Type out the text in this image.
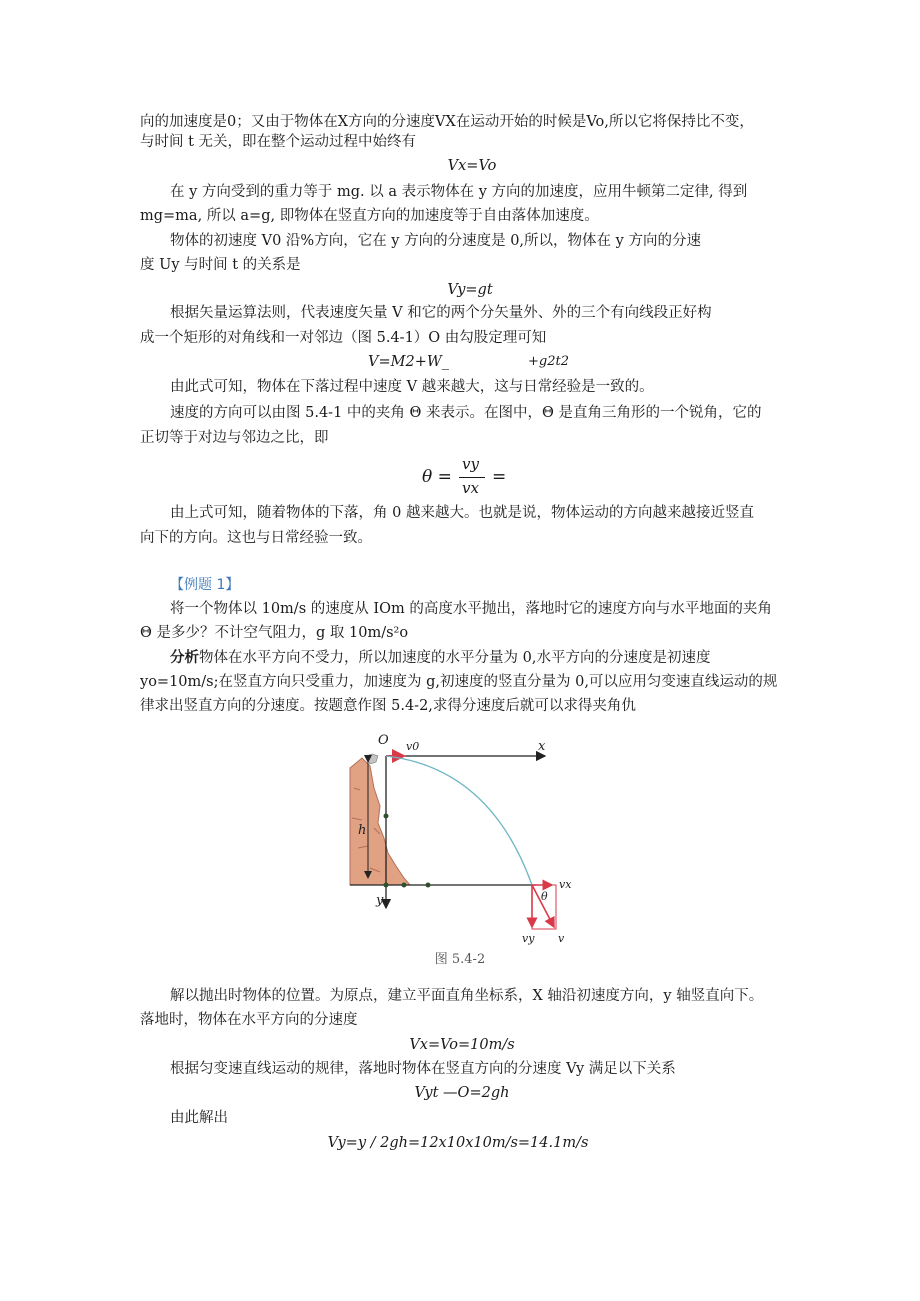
向的加速度是0；又由于物体在X方向的分速度VX在运动开始的时候是Vo,所以它将保持比不变，
与时间 t 无关，即在整个运动过程中始终有
Vx=Vo
在 y 方向受到的重力等于 mg. 以 a 表示物体在 y 方向的加速度，应用牛顿第二定律, 得到
mg=ma, 所以 a=g, 即物体在竖直方向的加速度等于自由落体加速度。
物体的初速度 V0 沿%方向，它在 y 方向的分速度是 0,所以，物体在 y 方向的分速
度 Uy 与时间 t 的关系是
Vy=gt
根据矢量运算法则，代表速度矢量 V 和它的两个分矢量外、外的三个有向线段正好构
成一个矩形的对角线和一对邻边（图 5.4-1）O 由勾股定理可知
V=M2+W_	+g2t2
由此式可知，物体在下落过程中速度 V 越来越大，这与日常经验是一致的。
速度的方向可以由图 5.4-1 中的夹角 Θ 来表示。在图中，Θ 是直角三角形的一个锐角，它的
正切等于对边与邻边之比，即
θ =
vy
vx
=
由上式可知，随着物体的下落，角 0 越来越大。也就是说，物体运动的方向越来越接近竖直
向下的方向。这也与日常经验一致。
【例题 1】
将一个物体以 10m/s 的速度从 IOm 的高度水平抛出，落地时它的速度方向与水平地面的夹角
Θ 是多少？不计空气阻力，g 取 10m/s²o
分析物体在水平方向不受力，所以加速度的水平分量为 0,水平方向的分速度是初速度
yo=10m/s;在竖直方向只受重力，加速度为 g,初速度的竖直分量为 0,可以应用匀变速直线运动的规
律求出竖直方向的分速度。按题意作图 5.4-2,求得分速度后就可以求得夹角仇
O v0	x
h
y	θ
vx
vy v
图 5.4-2
解以抛出时物体的位置。为原点，建立平面直角坐标系，X 轴沿初速度方向，y 轴竖直向下。
落地时，物体在水平方向的分速度
Vx=Vo=10m/s
根据匀变速直线运动的规律，落地时物体在竖直方向的分速度 Vy 满足以下关系
Vyt —O=2gh
由此解出
Vy=y / 2gh=12x10x10m/s=14.1m/s
